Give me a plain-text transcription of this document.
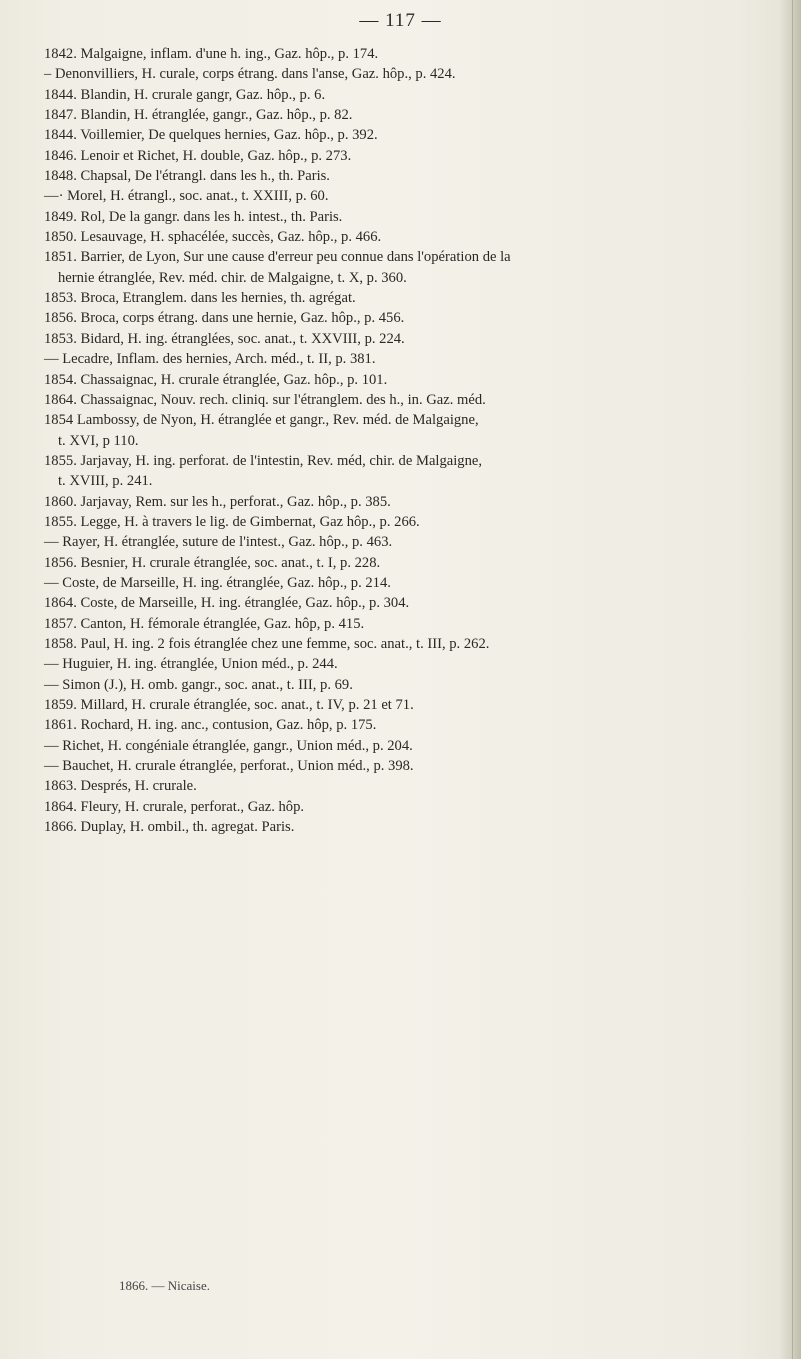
— 117 —
1842. Malgaigne, inflam. d'une h. ing., Gaz. hôp., p. 174.
– Denonvilliers, H. curale, corps étrang. dans l'anse, Gaz. hôp., p. 424.
1844. Blandin, H. crurale gangr, Gaz. hôp., p. 6.
1847. Blandin, H. étranglée, gangr., Gaz. hôp., p. 82.
1844. Voillemier, De quelques hernies, Gaz. hôp., p. 392.
1846. Lenoir et Richet, H. double, Gaz. hôp., p. 273.
1848. Chapsal, De l'étrangl. dans les h., th. Paris.
—· Morel, H. étrangl., soc. anat., t. XXIII, p. 60.
1849. Rol, De la gangr. dans les h. intest., th. Paris.
1850. Lesauvage, H. sphacélée, succès, Gaz. hôp., p. 466.
1851. Barrier, de Lyon, Sur une cause d'erreur peu connue dans l'opération de la
hernie étranglée, Rev. méd. chir. de Malgaigne, t. X, p. 360.
1853. Broca, Etranglem. dans les hernies, th. agrégat.
1856. Broca, corps étrang. dans une hernie, Gaz. hôp., p. 456.
1853. Bidard, H. ing. étranglées, soc. anat., t. XXVIII, p. 224.
— Lecadre, Inflam. des hernies, Arch. méd., t. II, p. 381.
1854. Chassaignac, H. crurale étranglée, Gaz. hôp., p. 101.
1864. Chassaignac, Nouv. rech. cliniq. sur l'étranglem. des h., in. Gaz. méd.
1854 Lambossy, de Nyon, H. étranglée et gangr., Rev. méd. de Malgaigne,
t. XVI, p 110.
1855. Jarjavay, H. ing. perforat. de l'intestin, Rev. méd, chir. de Malgaigne,
t. XVIII, p. 241.
1860. Jarjavay, Rem. sur les h., perforat., Gaz. hôp., p. 385.
1855. Legge, H. à travers le lig. de Gimbernat, Gaz hôp., p. 266.
— Rayer, H. étranglée, suture de l'intest., Gaz. hôp., p. 463.
1856. Besnier, H. crurale étranglée, soc. anat., t. I, p. 228.
— Coste, de Marseille, H. ing. étranglée, Gaz. hôp., p. 214.
1864. Coste, de Marseille, H. ing. étranglée, Gaz. hôp., p. 304.
1857. Canton, H. fémorale étranglée, Gaz. hôp, p. 415.
1858. Paul, H. ing. 2 fois étranglée chez une femme, soc. anat., t. III, p. 262.
— Huguier, H. ing. étranglée, Union méd., p. 244.
— Simon (J.), H. omb. gangr., soc. anat., t. III, p. 69.
1859. Millard, H. crurale étranglée, soc. anat., t. IV, p. 21 et 71.
1861. Rochard, H. ing. anc., contusion, Gaz. hôp, p. 175.
— Richet, H. congéniale étranglée, gangr., Union méd., p. 204.
— Bauchet, H. crurale étranglée, perforat., Union méd., p. 398.
1863. Després, H. crurale.
1864. Fleury, H. crurale, perforat., Gaz. hôp.
1866. Duplay, H. ombil., th. agregat. Paris.
1866. — Nicaise.
